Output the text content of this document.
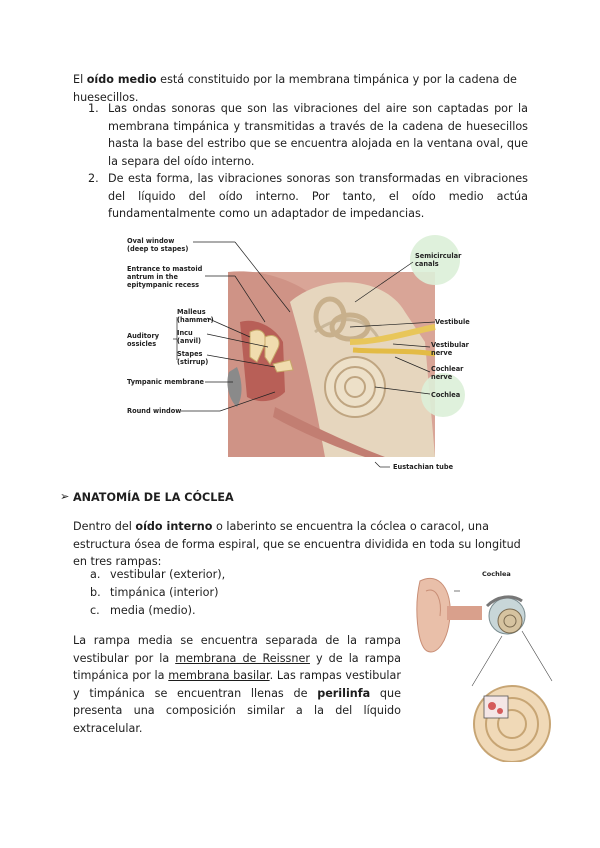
El oído medio está constituido por la membrana timpánica y por la cadena de huesecillos.
1. Las ondas sonoras que son las vibraciones del aire son captadas por la membrana timpánica y transmitidas a través de la cadena de huesecillos hasta la base del estribo que se encuentra alojada en la ventana oval, que la separa del oído interno.
2. De esta forma, las vibraciones sonoras son transformadas en vibraciones del líquido del oído interno. Por tanto, el oído medio actúa fundamentalmente como un adaptador de impedancias.
Oval window
(deep to stapes)
Entrance to mastoid
antrum in the
epitympanic recess
Malleus
(hammer)
Incu
(anvil)
Stapes
(stirrup)
Auditory
ossicles
Tympanic membrane
Round window
Semicircular
canals
Vestibule
Vestibular
nerve
Cochlear
nerve
Cochlea
Eustachian tube
➢ ANATOMÍA DE LA CÓCLEA
Dentro del oído interno o laberinto se encuentra la cóclea o caracol, una estructura ósea de forma espiral, que se encuentra dividida en toda su longitud en tres rampas:
a. vestibular (exterior),
b. timpánica (interior)
c. media (medio).
La rampa media se encuentra separada de la rampa vestibular por la membrana de Reissner y de la rampa timpánica por la membrana basilar. Las rampas vestibular y timpánica se encuentran llenas de perilinfa que presenta una composición similar a la del líquido extracelular.
Cochlea
